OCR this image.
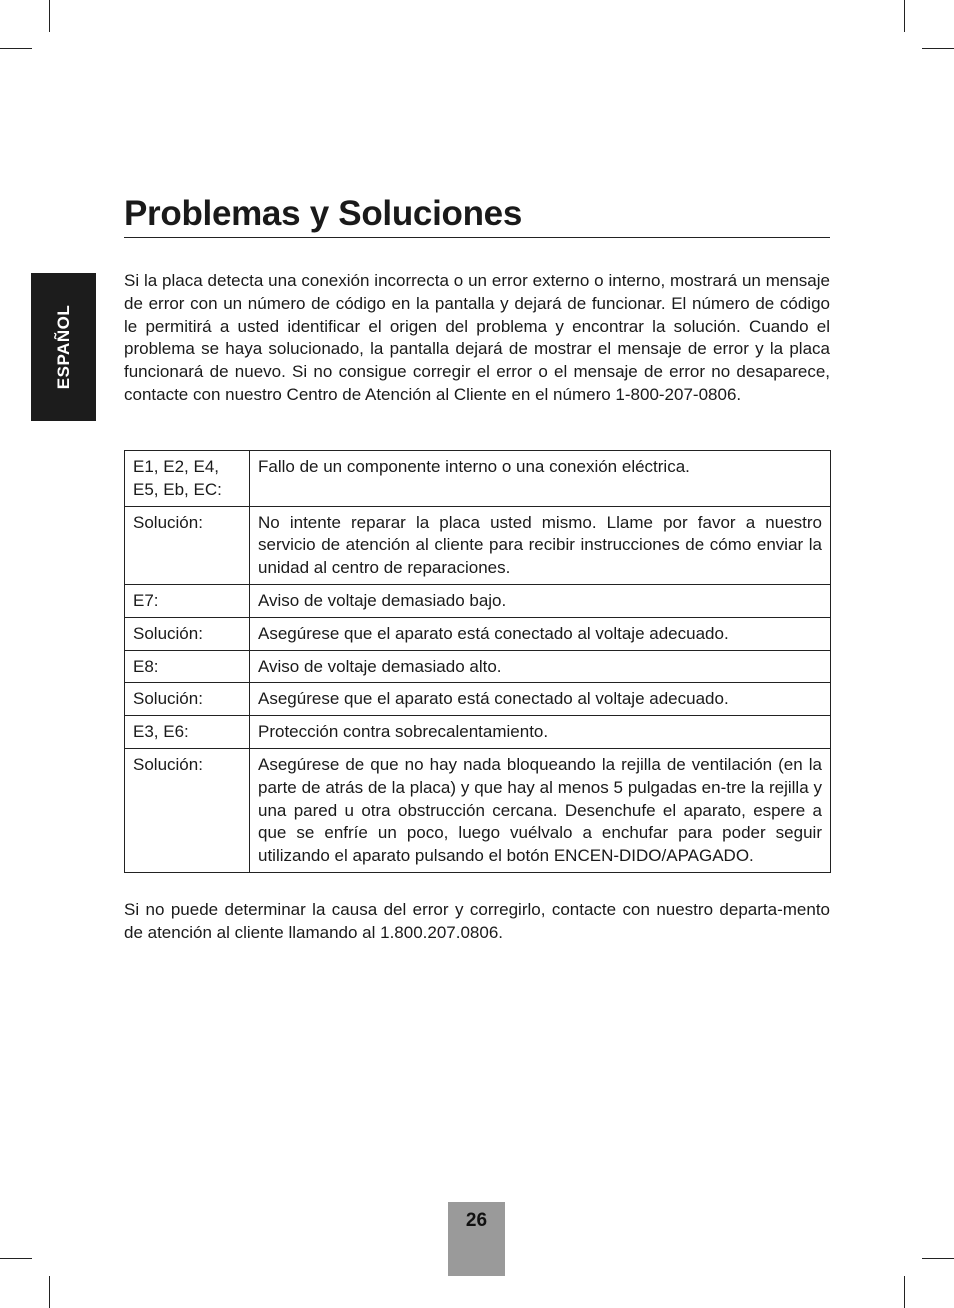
ESPAÑOL
Problemas y Soluciones

Si la placa detecta una conexión incorrecta o un error externo o interno, mostrará un mensaje de error con un número de código en la pantalla y dejará de funcionar. El número de código le permitirá a usted identificar el origen del problema y encontrar la solución. Cuando el problema se haya solucionado, la pantalla dejará de mostrar el mensaje de error y la placa funcionará de nuevo. Si no consigue corregir el error o el mensaje de error no desaparece, contacte con nuestro Centro de Atención al Cliente en el número 1-800-207-0806.

E1, E2, E4, E5, Eb, EC:	Fallo de un componente interno o una conexión eléctrica.
Solución:	No intente reparar la placa usted mismo. Llame por favor a nuestro servicio de atención al cliente para recibir instrucciones de cómo enviar la unidad al centro de reparaciones.
E7:	Aviso de voltaje demasiado bajo.
Solución:	Asegúrese que el aparato está conectado al voltaje adecuado.
E8:	Aviso de voltaje demasiado alto.
Solución:	Asegúrese que el aparato está conectado al voltaje adecuado.
E3, E6:	Protección contra sobrecalentamiento.
Solución:	Asegúrese de que no hay nada bloqueando la rejilla de ventilación (en la parte de atrás de la placa) y que hay al menos 5 pulgadas en-tre la rejilla y una pared u otra obstrucción cercana. Desenchufe el aparato, espere a que se enfríe un poco, luego vuélvalo a enchufar para poder seguir utilizando el aparato pulsando el botón ENCEN-DIDO/APAGADO.

Si no puede determinar la causa del error y corregirlo, contacte con nuestro departa-mento de atención al cliente llamando al 1.800.207.0806.

26
